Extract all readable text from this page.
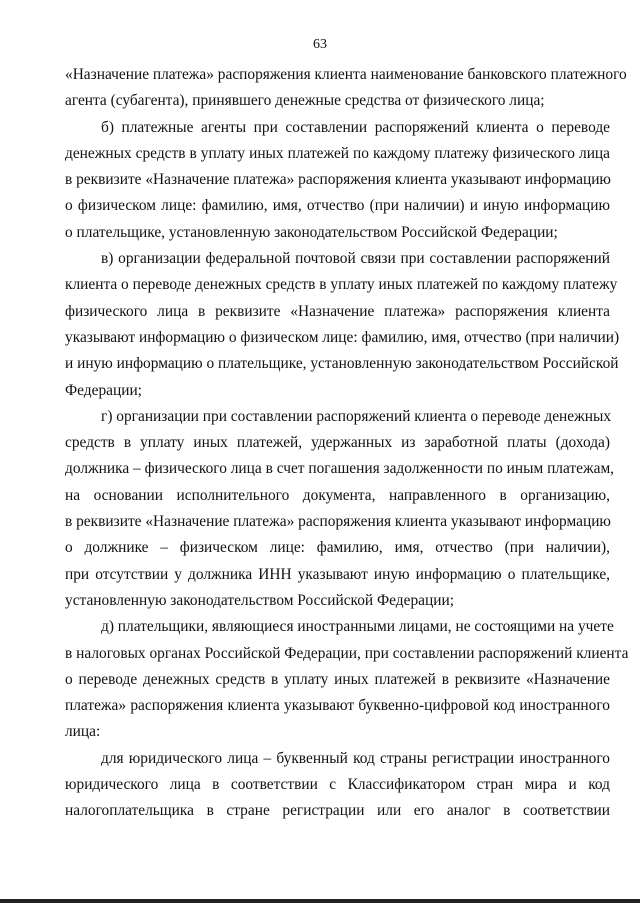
63

«Назначение платежа» распоряжения клиента наименование банковского платежного
агента (субагента), принявшего денежные средства от физического лица;

б) платежные агенты при составлении распоряжений клиента о переводе
денежных средств в уплату иных платежей по каждому платежу физического лица
в реквизите «Назначение платежа» распоряжения клиента указывают информацию
о физическом лице: фамилию, имя, отчество (при наличии) и иную информацию
о плательщике, установленную законодательством Российской Федерации;

в) организации федеральной почтовой связи при составлении распоряжений
клиента о переводе денежных средств в уплату иных платежей по каждому платежу
физического лица в реквизите «Назначение платежа» распоряжения клиента
указывают информацию о физическом лице: фамилию, имя, отчество (при наличии)
и иную информацию о плательщике, установленную законодательством Российской
Федерации;

г) организации при составлении распоряжений клиента о переводе денежных
средств в уплату иных платежей, удержанных из заработной платы (дохода)
должника – физического лица в счет погашения задолженности по иным платежам,
на основании исполнительного документа, направленного в организацию,
в реквизите «Назначение платежа» распоряжения клиента указывают информацию
о должнике – физическом лице: фамилию, имя, отчество (при наличии),
при отсутствии у должника ИНН указывают иную информацию о плательщике,
установленную законодательством Российской Федерации;

д) плательщики, являющиеся иностранными лицами, не состоящими на учете
в налоговых органах Российской Федерации, при составлении распоряжений клиента
о переводе денежных средств в уплату иных платежей в реквизите «Назначение
платежа» распоряжения клиента указывают буквенно-цифровой код иностранного
лица:

для юридического лица – буквенный код страны регистрации иностранного
юридического лица в соответствии с Классификатором стран мира и код
налогоплательщика в стране регистрации или его аналог в соответствии
